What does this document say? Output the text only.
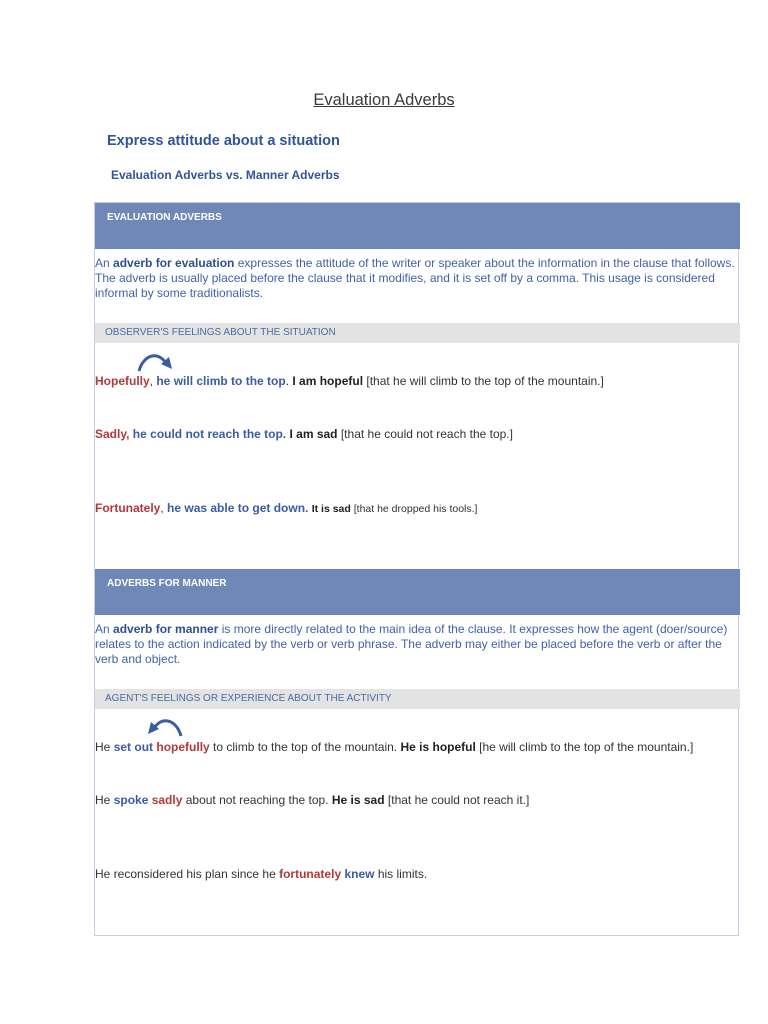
Evaluation Adverbs
Express attitude about a situation
Evaluation Adverbs vs. Manner Adverbs
EVALUATION ADVERBS
An adverb for evaluation expresses the attitude of the writer or speaker about the information in the clause that follows. The adverb is usually placed before the clause that it modifies, and it is set off by a comma. This usage is considered informal by some traditionalists.
OBSERVER'S FEELINGS ABOUT THE SITUATION
Hopefully, he will climb to the top. I am hopeful [that he will climb to the top of the mountain.]
Sadly, he could not reach the top. I am sad [that he could not reach the top.]
Fortunately, he was able to get down. It is sad [that he dropped his tools.]
ADVERBS FOR MANNER
An adverb for manner is more directly related to the main idea of the clause. It expresses how the agent (doer/source) relates to the action indicated by the verb or verb phrase. The adverb may either be placed before the verb or after the verb and object.
AGENT'S FEELINGS OR EXPERIENCE ABOUT THE ACTIVITY
He set out hopefully to climb to the top of the mountain. He is hopeful [he will climb to the top of the mountain.]
He spoke sadly about not reaching the top. He is sad [that he could not reach it.]
He reconsidered his plan since he fortunately knew his limits.
